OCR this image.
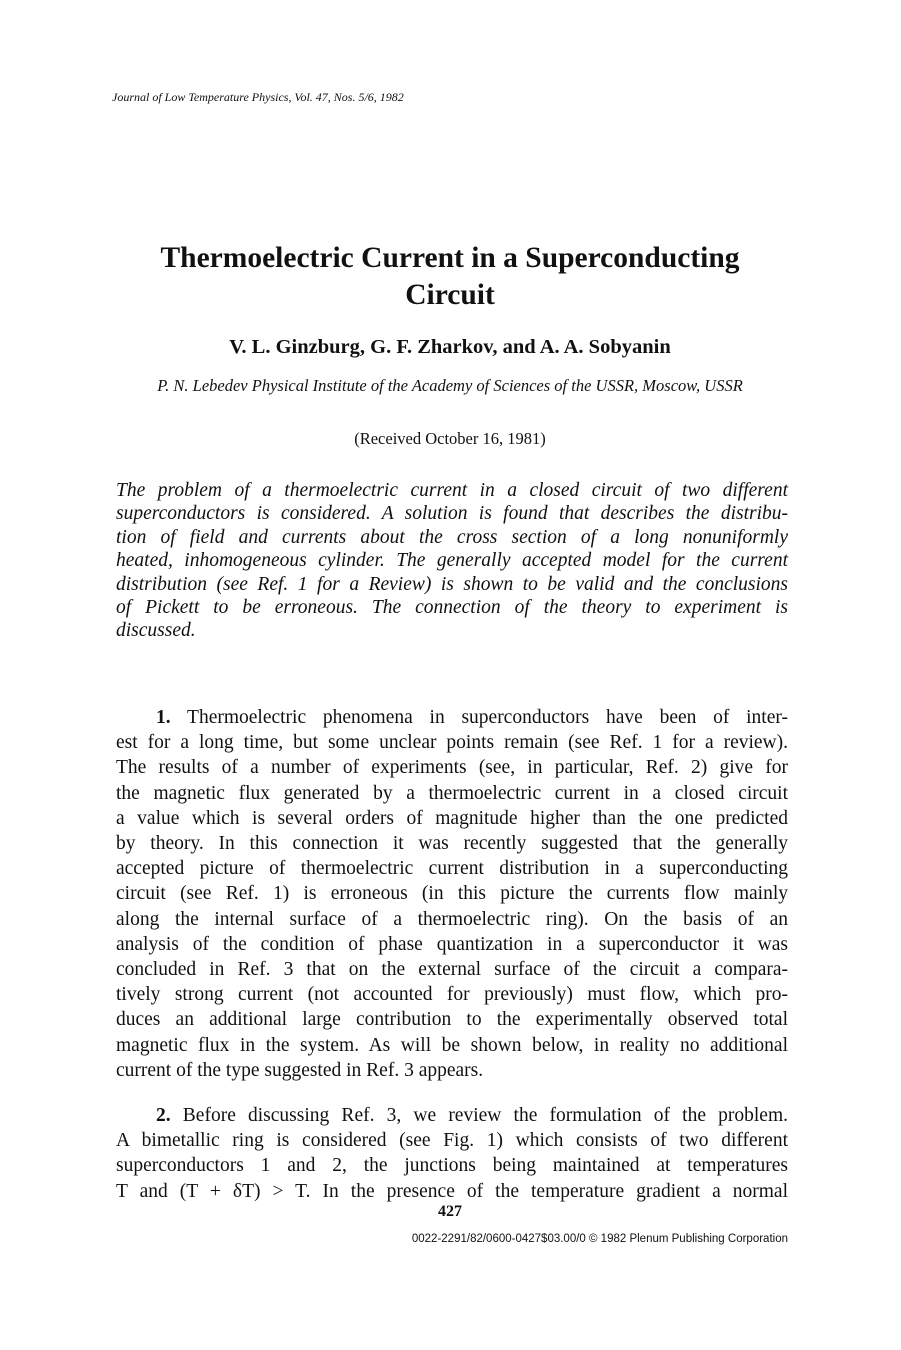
Journal of Low Temperature Physics, Vol. 47, Nos. 5/6, 1982
Thermoelectric Current in a Superconducting
Circuit
V. L. Ginzburg, G. F. Zharkov, and A. A. Sobyanin
P. N. Lebedev Physical Institute of the Academy of Sciences of the USSR, Moscow, USSR
(Received October 16, 1981)
The problem of a thermoelectric current in a closed circuit of two different
superconductors is considered. A solution is found that describes the distribu-
tion of field and currents about the cross section of a long nonuniformly
heated, inhomogeneous cylinder. The generally accepted model for the current
distribution (see Ref. 1 for a Review) is shown to be valid and the conclusions
of Pickett to be erroneous. The connection of the theory to experiment is
discussed.
1. Thermoelectric phenomena in superconductors have been of inter-
est for a long time, but some unclear points remain (see Ref. 1 for a review).
The results of a number of experiments (see, in particular, Ref. 2) give for
the magnetic flux generated by a thermoelectric current in a closed circuit
a value which is several orders of magnitude higher than the one predicted
by theory. In this connection it was recently suggested that the generally
accepted picture of thermoelectric current distribution in a superconducting
circuit (see Ref. 1) is erroneous (in this picture the currents flow mainly
along the internal surface of a thermoelectric ring). On the basis of an
analysis of the condition of phase quantization in a superconductor it was
concluded in Ref. 3 that on the external surface of the circuit a compara-
tively strong current (not accounted for previously) must flow, which pro-
duces an additional large contribution to the experimentally observed total
magnetic flux in the system. As will be shown below, in reality no additional
current of the type suggested in Ref. 3 appears.
2. Before discussing Ref. 3, we review the formulation of the problem.
A bimetallic ring is considered (see Fig. 1) which consists of two different
superconductors 1 and 2, the junctions being maintained at temperatures
T and (T + δT) > T. In the presence of the temperature gradient a normal
427
0022-2291/82/0600-0427$03.00/0 © 1982 Plenum Publishing Corporation
